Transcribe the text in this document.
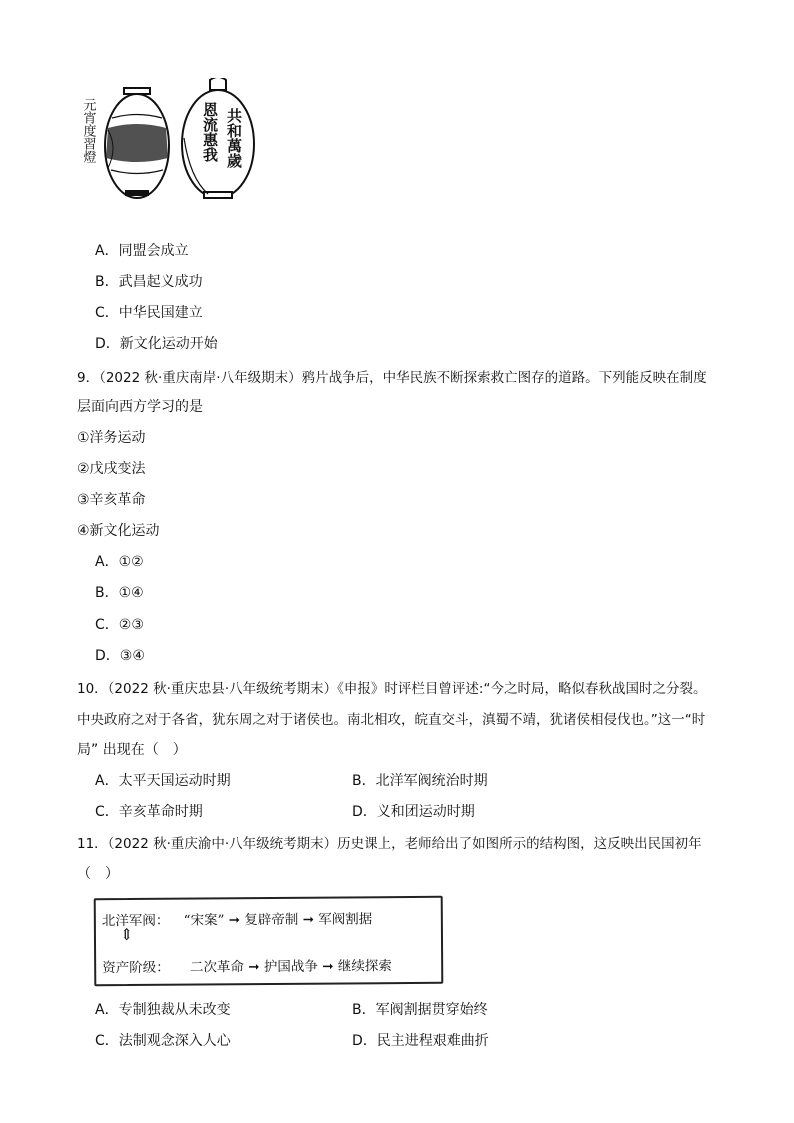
元宵度習燈	共和萬歲
恩流惠我
A．同盟会成立
B．武昌起义成功
C．中华民国建立
D．新文化运动开始
9．（2022 秋·重庆南岸·八年级期末）鸦片战争后，中华民族不断探索救亡图存的道路。下列能反映在制度
层面向西方学习的是
①洋务运动
②戊戌变法
③辛亥革命
④新文化运动
A．①②
B．①④
C．②③
D．③④
10．（2022 秋·重庆忠县·八年级统考期末）《申报》时评栏目曾评述:“今之时局，略似春秋战国时之分裂。
中央政府之对于各省，犹东周之对于诸侯也。南北相攻，皖直交斗，滇蜀不靖，犹诸侯相侵伐也。”这一“时
局” 出现在（　）
A．太平天国运动时期	B．北洋军阀统治时期
C．辛亥革命时期	D．义和团运动时期
11．（2022 秋·重庆渝中·八年级统考期末）历史课上，老师给出了如图所示的结构图，这反映出民国初年
（　）
北洋军阀： “宋案” ➞ 复辟帝制 ➞ 军阀割据
⇕
资产阶级： 二次革命 ➞ 护国战争 ➞ 继续探索
A．专制独裁从未改变	B．军阀割据贯穿始终
C．法制观念深入人心	D．民主进程艰难曲折
